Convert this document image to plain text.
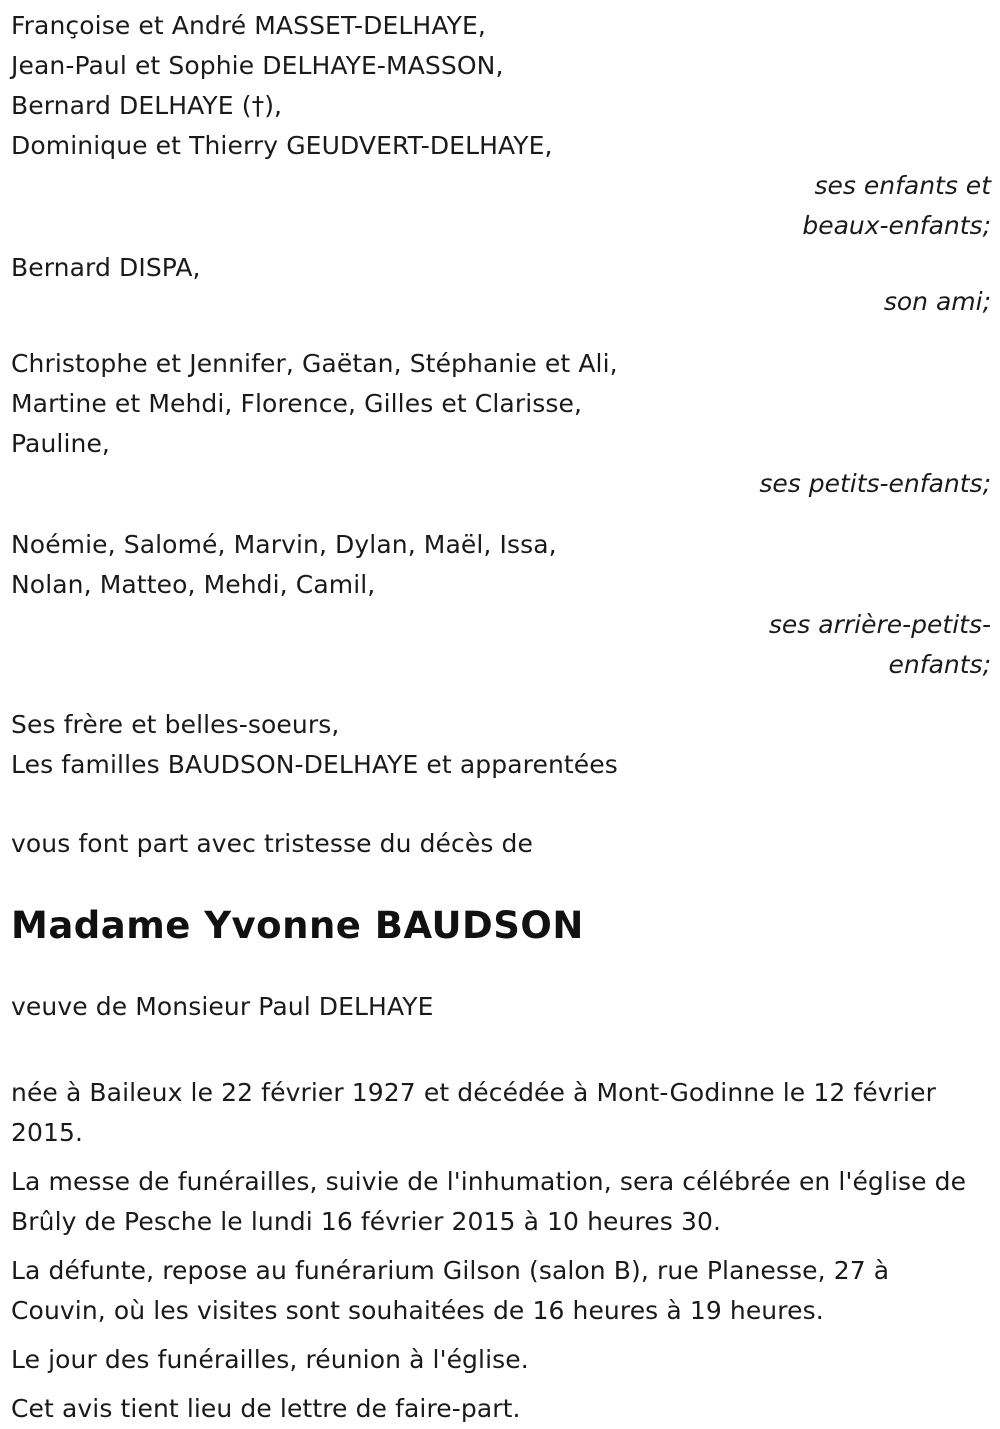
Françoise et André MASSET-DELHAYE,
Jean-Paul et Sophie DELHAYE-MASSON,
Bernard DELHAYE (†),
Dominique et Thierry GEUDVERT-DELHAYE,
ses enfants et
beaux-enfants;
Bernard DISPA,
son ami;
Christophe et Jennifer, Gaëtan, Stéphanie et Ali,
Martine et Mehdi, Florence, Gilles et Clarisse,
Pauline,
ses petits-enfants;
Noémie, Salomé, Marvin, Dylan, Maël, Issa,
Nolan, Matteo, Mehdi, Camil,
ses arrière-petits-
enfants;
Ses frère et belles-soeurs,
Les familles BAUDSON-DELHAYE et apparentées
vous font part avec tristesse du décès de
Madame Yvonne BAUDSON
veuve de Monsieur Paul DELHAYE
née à Baileux le 22 février 1927 et décédée à Mont-Godinne le 12 février 2015.
La messe de funérailles, suivie de l'inhumation, sera célébrée en l'église de Brûly de Pesche le lundi 16 février 2015 à 10 heures 30.
La défunte, repose au funérarium Gilson (salon B), rue Planesse, 27 à Couvin, où les visites sont souhaitées de 16 heures à 19 heures.
Le jour des funérailles, réunion à l'église.
Cet avis tient lieu de lettre de faire-part.
